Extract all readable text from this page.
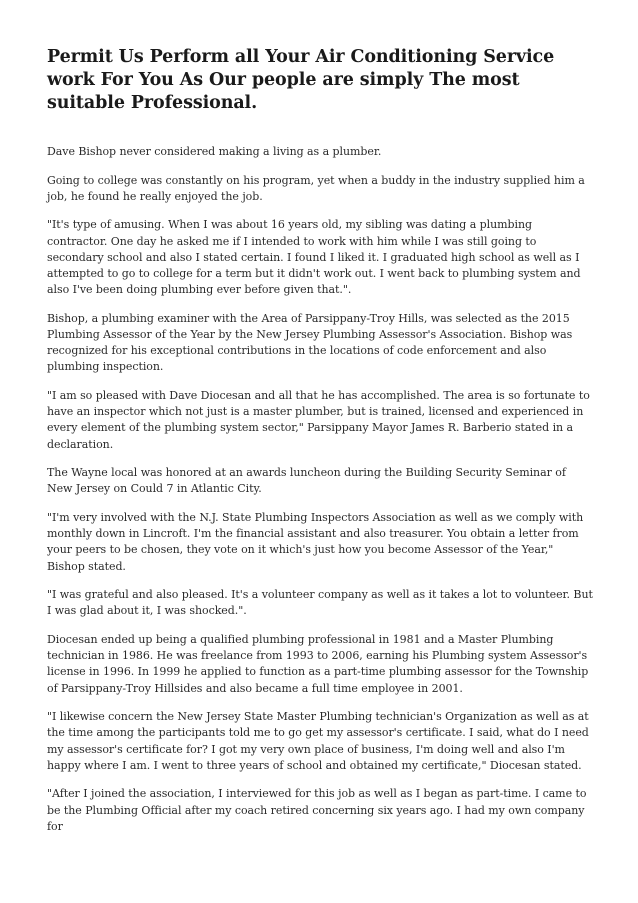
Permit Us Perform all Your Air Conditioning Service work For You As Our people are simply The most suitable Professional.

Dave Bishop never considered making a living as a plumber.

Going to college was constantly on his program, yet when a buddy in the industry supplied him a job, he found he really enjoyed the job.

"It's type of amusing. When I was about 16 years old, my sibling was dating a plumbing contractor. One day he asked me if I intended to work with him while I was still going to secondary school and also I stated certain. I found I liked it. I graduated high school as well as I attempted to go to college for a term but it didn't work out. I went back to plumbing system and also I've been doing plumbing ever before given that.".

Bishop, a plumbing examiner with the Area of Parsippany-Troy Hills, was selected as the 2015 Plumbing Assessor of the Year by the New Jersey Plumbing Assessor's Association. Bishop was recognized for his exceptional contributions in the locations of code enforcement and also plumbing inspection.

"I am so pleased with Dave Diocesan and all that he has accomplished. The area is so fortunate to have an inspector which not just is a master plumber, but is trained, licensed and experienced in every element of the plumbing system sector," Parsippany Mayor James R. Barberio stated in a declaration.

The Wayne local was honored at an awards luncheon during the Building Security Seminar of New Jersey on Could 7 in Atlantic City.

"I'm very involved with the N.J. State Plumbing Inspectors Association as well as we comply with monthly down in Lincroft. I'm the financial assistant and also treasurer. You obtain a letter from your peers to be chosen, they vote on it which's just how you become Assessor of the Year," Bishop stated.

"I was grateful and also pleased. It's a volunteer company as well as it takes a lot to volunteer. But I was glad about it, I was shocked.".

Diocesan ended up being a qualified plumbing professional in 1981 and a Master Plumbing technician in 1986. He was freelance from 1993 to 2006, earning his Plumbing system Assessor's license in 1996. In 1999 he applied to function as a part-time plumbing assessor for the Township of Parsippany-Troy Hillsides and also became a full time employee in 2001.

"I likewise concern the New Jersey State Master Plumbing technician's Organization as well as at the time among the participants told me to go get my assessor's certificate. I said, what do I need my assessor's certificate for? I got my very own place of business, I'm doing well and also I'm happy where I am. I went to three years of school and obtained my certificate," Diocesan stated.

"After I joined the association, I interviewed for this job as well as I began as part-time. I came to be the Plumbing Official after my coach retired concerning six years ago. I had my own company for
